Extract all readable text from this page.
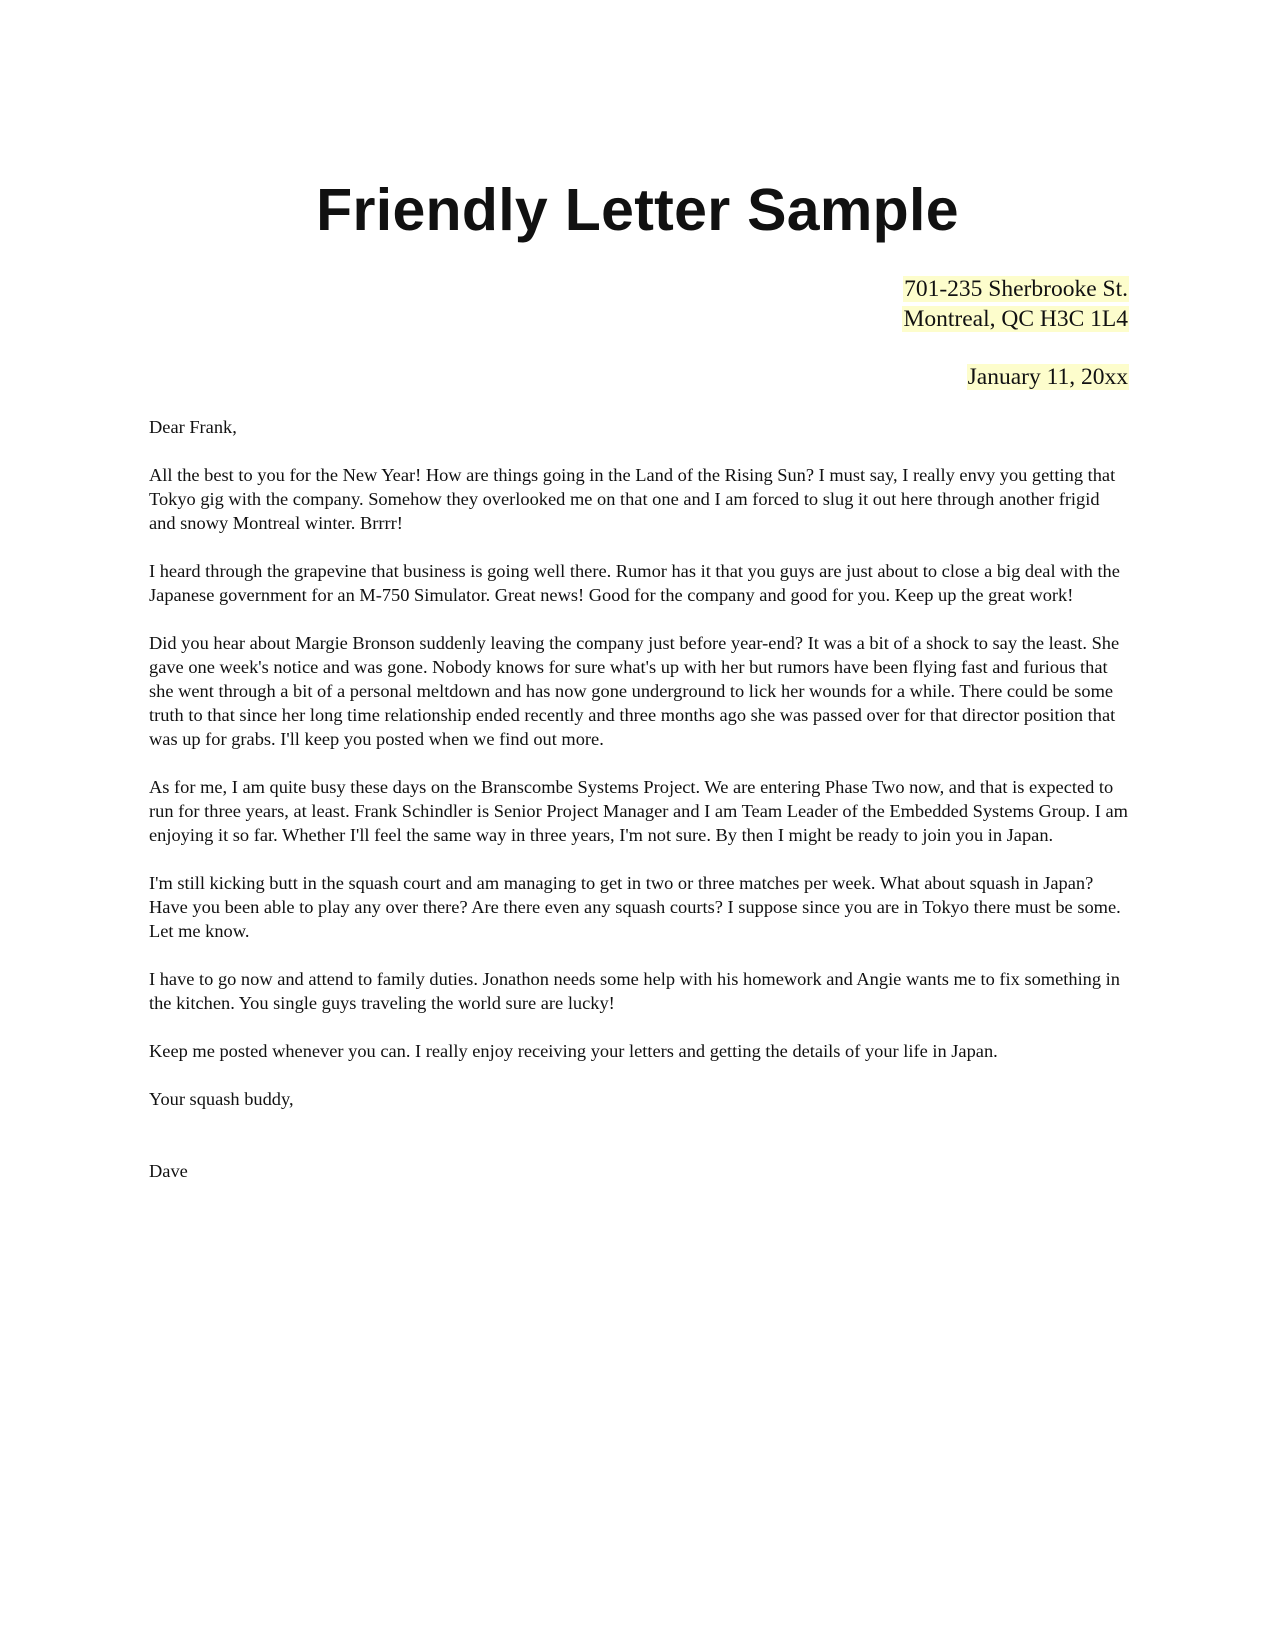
Friendly Letter Sample
701-235 Sherbrooke St.
Montreal, QC H3C 1L4
January 11, 20xx

Dear Frank,

All the best to you for the New Year! How are things going in the Land of the Rising Sun? I must say, I really envy you getting that Tokyo gig with the company. Somehow they overlooked me on that one and I am forced to slug it out here through another frigid and snowy Montreal winter. Brrrr!

I heard through the grapevine that business is going well there. Rumor has it that you guys are just about to close a big deal with the Japanese government for an M-750 Simulator. Great news! Good for the company and good for you. Keep up the great work!

Did you hear about Margie Bronson suddenly leaving the company just before year-end? It was a bit of a shock to say the least. She gave one week's notice and was gone. Nobody knows for sure what's up with her but rumors have been flying fast and furious that she went through a bit of a personal meltdown and has now gone underground to lick her wounds for a while. There could be some truth to that since her long time relationship ended recently and three months ago she was passed over for that director position that was up for grabs. I'll keep you posted when we find out more.

As for me, I am quite busy these days on the Branscombe Systems Project. We are entering Phase Two now, and that is expected to run for three years, at least. Frank Schindler is Senior Project Manager and I am Team Leader of the Embedded Systems Group. I am enjoying it so far. Whether I'll feel the same way in three years, I'm not sure. By then I might be ready to join you in Japan.

I'm still kicking butt in the squash court and am managing to get in two or three matches per week. What about squash in Japan? Have you been able to play any over there? Are there even any squash courts? I suppose since you are in Tokyo there must be some. Let me know.

I have to go now and attend to family duties. Jonathon needs some help with his homework and Angie wants me to fix something in the kitchen. You single guys traveling the world sure are lucky!

Keep me posted whenever you can. I really enjoy receiving your letters and getting the details of your life in Japan.

Your squash buddy,

Dave
